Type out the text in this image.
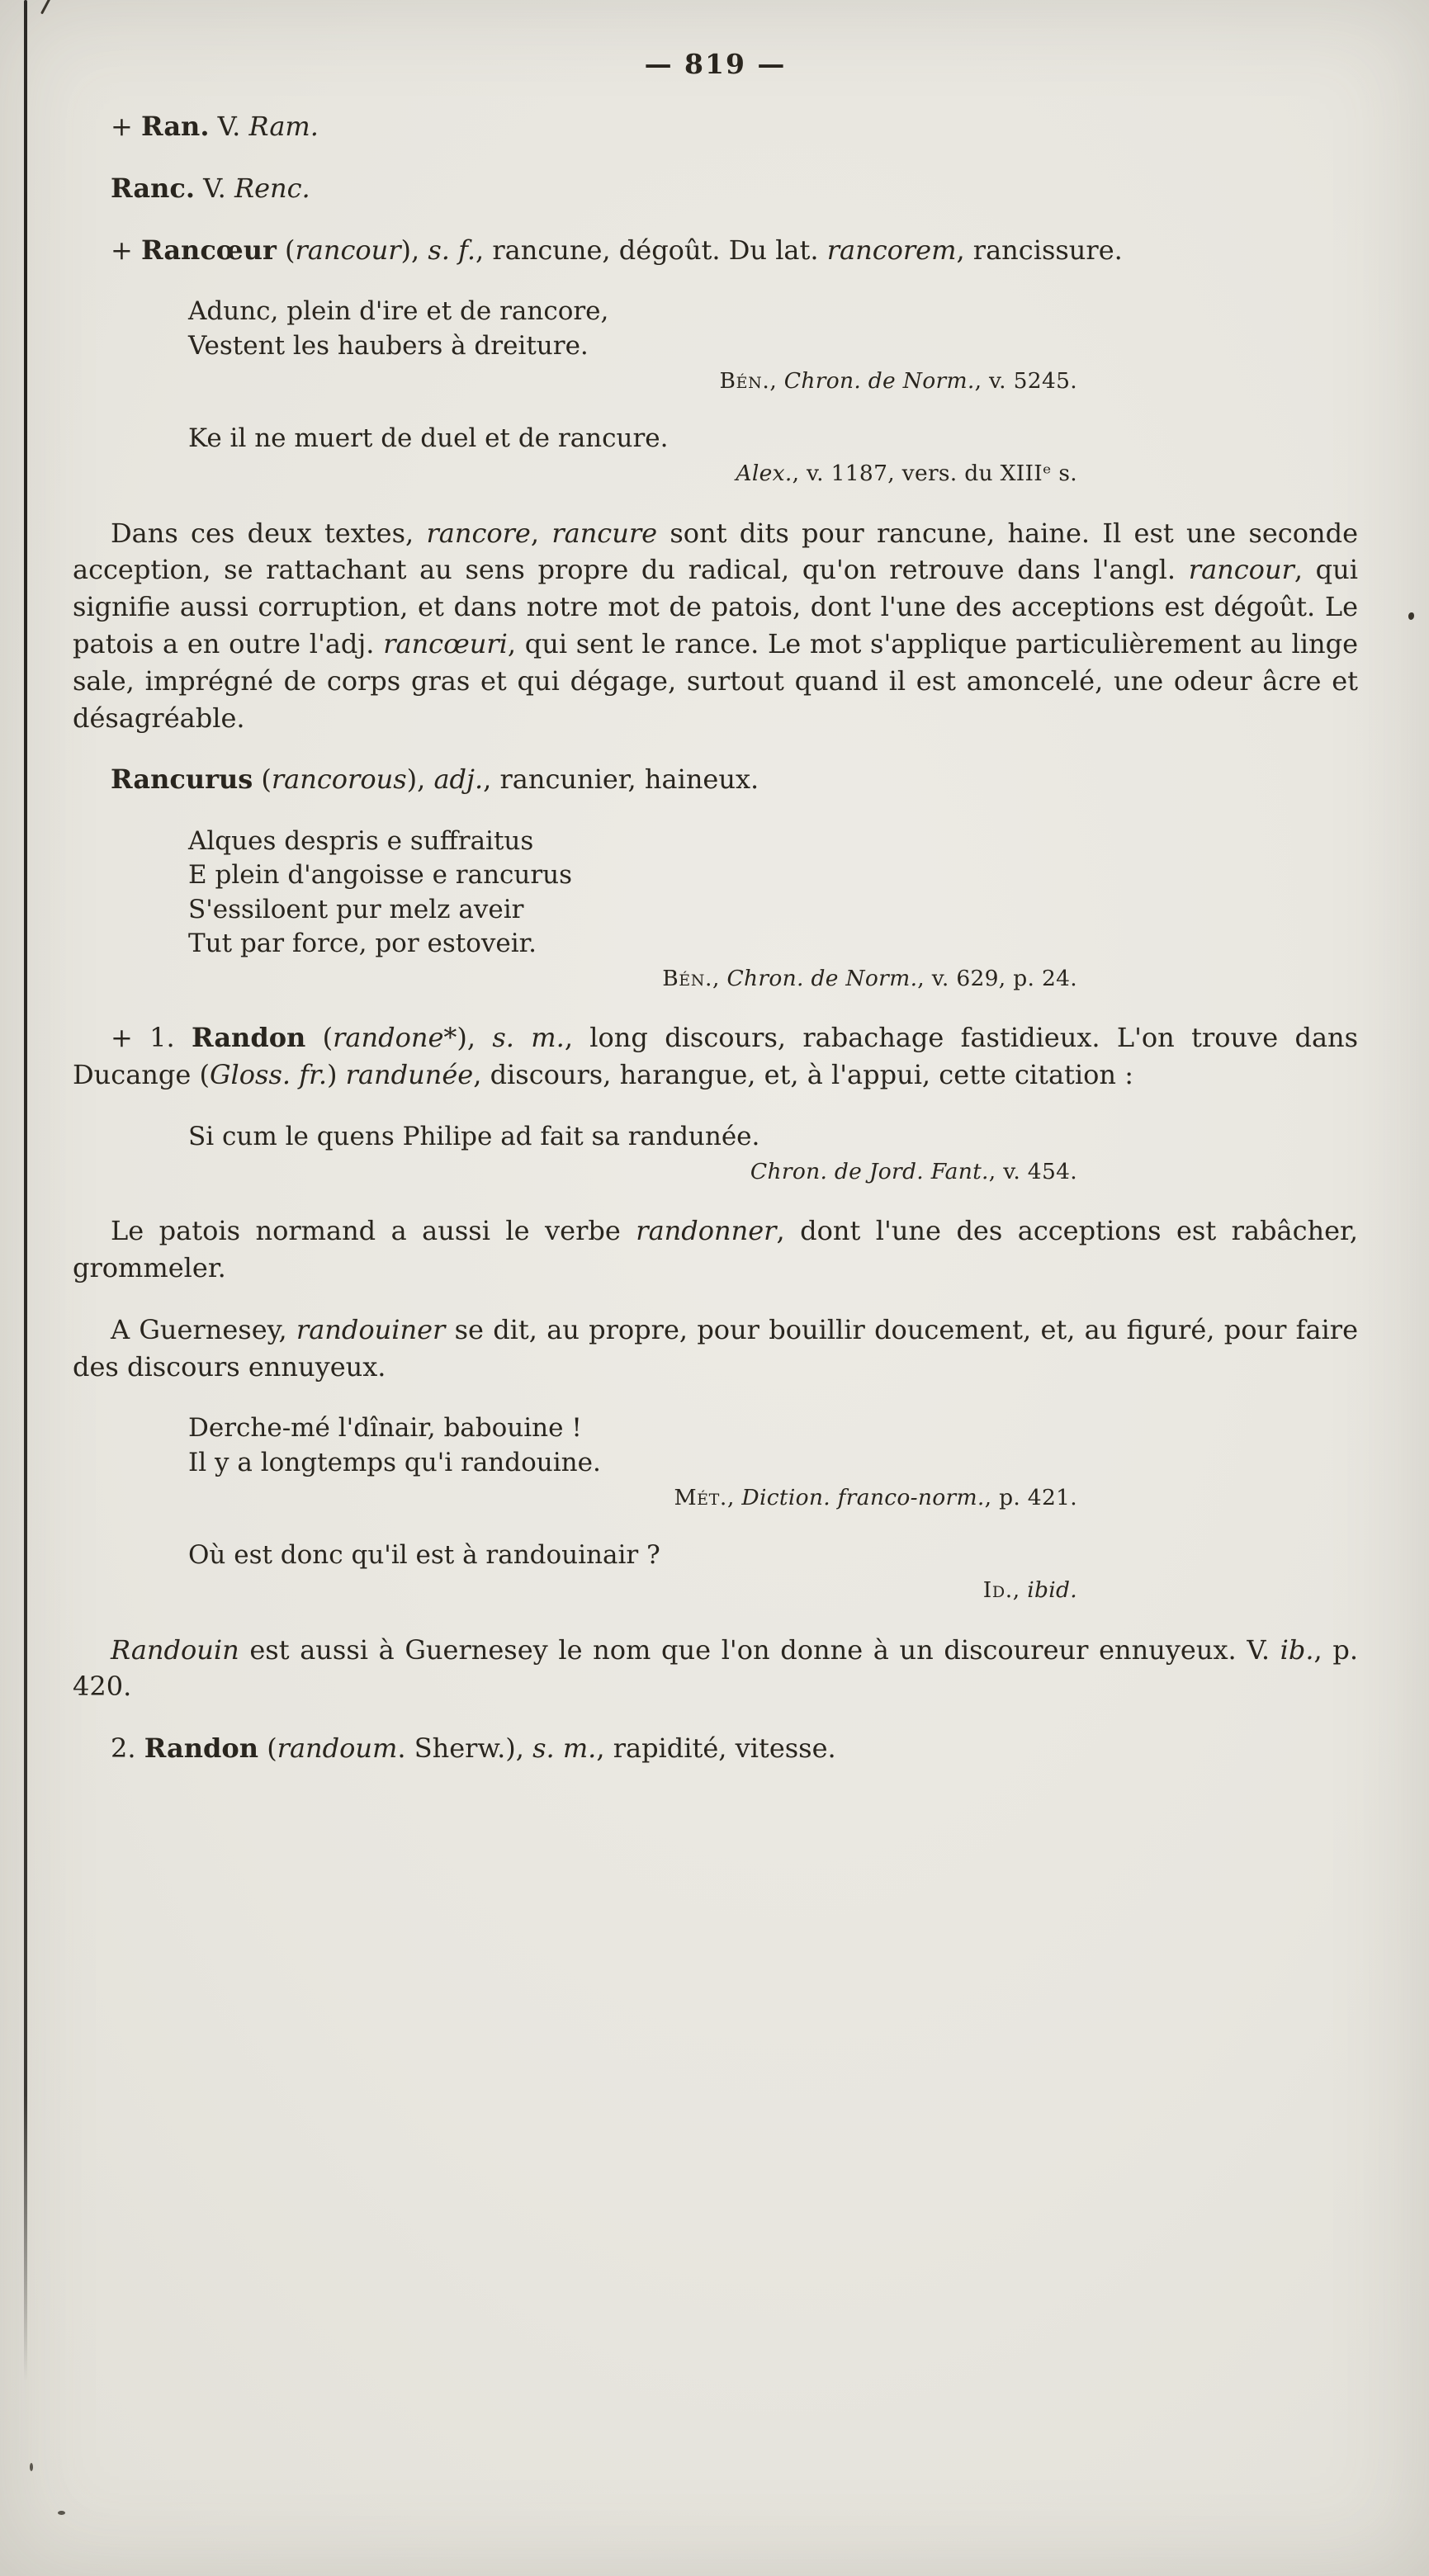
— 819 —

+ Ran. V. Ram.

Ranc. V. Renc.

+ Rancœur (rancour), s. f., rancune, dégoût. Du lat. rancorem, rancissure.

Adunc, plein d'ire et de rancore,
Vestent les haubers à dreiture.
Bén., Chron. de Norm., v. 5245.
Ke il ne muert de duel et de rancure.
Alex., v. 1187, vers. du XIIIᵉ s.

Dans ces deux textes, rancore, rancure sont dits pour rancune, haine. Il est une seconde acception, se rattachant au sens propre du radical, qu'on retrouve dans l'angl. rancour, qui signifie aussi corruption, et dans notre mot de patois, dont l'une des acceptions est dégoût. Le patois a en outre l'adj. rancœuri, qui sent le rance. Le mot s'applique particulièrement au linge sale, imprégné de corps gras et qui dégage, surtout quand il est amoncelé, une odeur âcre et désagréable.

Rancurus (rancorous), adj., rancunier, haineux.

Alques despris e suffraitus
E plein d'angoisse e rancurus
S'essiloent pur melz aveir
Tut par force, por estoveir.
Bén., Chron. de Norm., v. 629, p. 24.

+ 1. Randon (randone*), s. m., long discours, rabachage fastidieux. L'on trouve dans Ducange (Gloss. fr.) randunée, discours, harangue, et, à l'appui, cette citation :

Si cum le quens Philipe ad fait sa randunée.
Chron. de Jord. Fant., v. 454.

Le patois normand a aussi le verbe randonner, dont l'une des acceptions est rabâcher, grommeler.

A Guernesey, randouiner se dit, au propre, pour bouillir doucement, et, au figuré, pour faire des discours ennuyeux.

Derche-mé l'dînair, babouine !
Il y a longtemps qu'i randouine.
Mét., Diction. franco-norm., p. 421.
Où est donc qu'il est à randouinair ?
Id., ibid.

Randouin est aussi à Guernesey le nom que l'on donne à un discoureur ennuyeux. V. ib., p. 420.

2. Randon (randoum. Sherw.), s. m., rapidité, vitesse.
